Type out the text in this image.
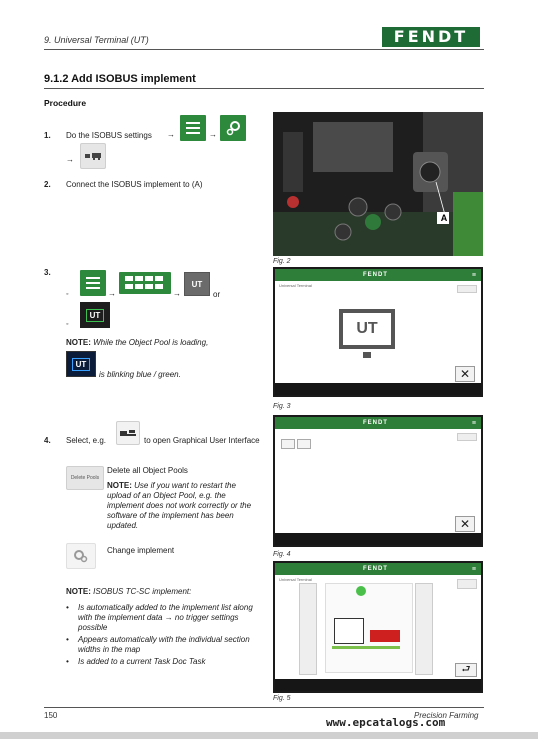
9. Universal Terminal (UT)	FENDT
9.1.2 Add ISOBUS implement
Procedure
1. Do the ISOBUS settings →	→
→
2. Connect the ISOBUS implement to (A)
3.
◦	→	→
UT
or
◦
UT
NOTE: While the Object Pool is loading,
UT
is blinking blue / green.
4. Select, e.g.	to open Graphical User Interface
Delete Pools
Delete all Object Pools
NOTE: Use if you want to restart the upload of an Object Pool, e.g. the implement does not work correctly or the software of the implement has been updated.
Change implement
NOTE: ISOBUS TC-SC implement:
•	Is automatically added to the implement list along with the implement data → no trigger settings possible
•	Appears automatically with the individual section widths in the map
•	Is added to a current Task Doc Task
A
Fig. 2
FENDT	≡
Universal Terminal
UT
✕
Fig. 3
FENDT	≡
✕
Fig. 4
FENDT	≡
Universal Terminal
⮐
Fig. 5
150	Precision Farming
www.epcatalogs.com
